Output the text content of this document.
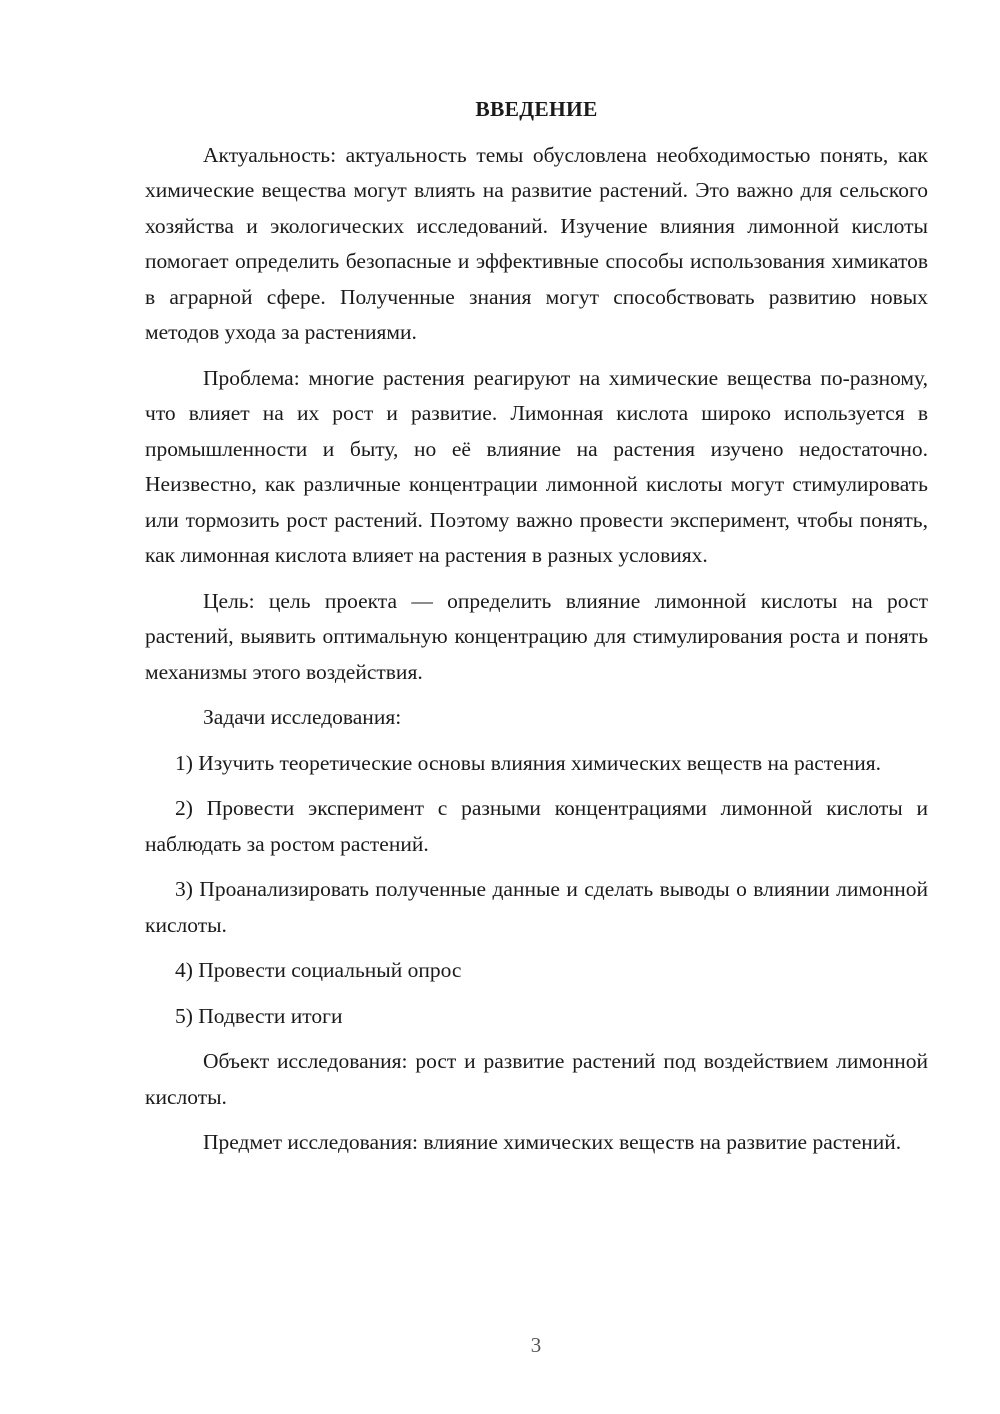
ВВЕДЕНИЕ

Актуальность: актуальность темы обусловлена необходимостью понять, как химические вещества могут влиять на развитие растений. Это важно для сельского хозяйства и экологических исследований. Изучение влияния лимонной кислоты помогает определить безопасные и эффективные способы использования химикатов в аграрной сфере. Полученные знания могут способствовать развитию новых методов ухода за растениями.

Проблема: многие растения реагируют на химические вещества по-разному, что влияет на их рост и развитие. Лимонная кислота широко используется в промышленности и быту, но её влияние на растения изучено недостаточно. Неизвестно, как различные концентрации лимонной кислоты могут стимулировать или тормозить рост растений. Поэтому важно провести эксперимент, чтобы понять, как лимонная кислота влияет на растения в разных условиях.

Цель: цель проекта — определить влияние лимонной кислоты на рост растений, выявить оптимальную концентрацию для стимулирования роста и понять механизмы этого воздействия.

Задачи исследования:

1) Изучить теоретические основы влияния химических веществ на растения.

2) Провести эксперимент с разными концентрациями лимонной кислоты и наблюдать за ростом растений.

3) Проанализировать полученные данные и сделать выводы о влиянии лимонной кислоты.

4) Провести социальный опрос

5) Подвести итоги

Объект исследования: рост и развитие растений под воздействием лимонной кислоты.

Предмет исследования: влияние химических веществ на развитие растений.

3
